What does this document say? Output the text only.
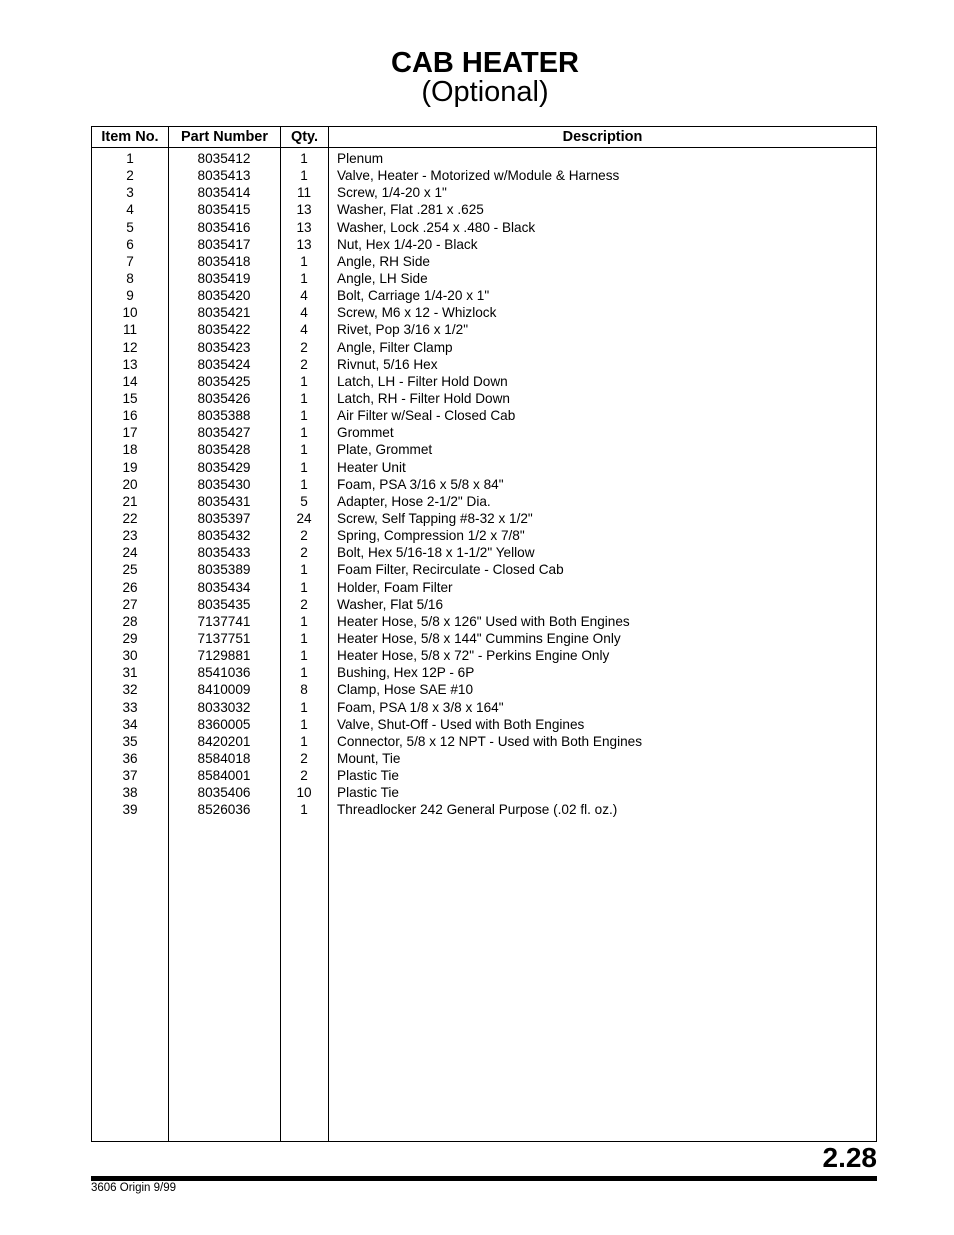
CAB HEATER
(Optional)
Item No.	Part Number	Qty.	Description
1	8035412	1	Plenum
2	8035413	1	Valve, Heater - Motorized w/Module & Harness
3	8035414	11	Screw, 1/4-20 x 1"
4	8035415	13	Washer, Flat .281 x .625
5	8035416	13	Washer, Lock .254 x .480 - Black
6	8035417	13	Nut, Hex 1/4-20 - Black
7	8035418	1	Angle, RH Side
8	8035419	1	Angle, LH Side
9	8035420	4	Bolt, Carriage 1/4-20 x 1"
10	8035421	4	Screw, M6 x 12 - Whizlock
11	8035422	4	Rivet, Pop 3/16 x 1/2"
12	8035423	2	Angle, Filter Clamp
13	8035424	2	Rivnut, 5/16 Hex
14	8035425	1	Latch, LH - Filter Hold Down
15	8035426	1	Latch, RH - Filter Hold Down
16	8035388	1	Air Filter w/Seal - Closed Cab
17	8035427	1	Grommet
18	8035428	1	Plate, Grommet
19	8035429	1	Heater Unit
20	8035430	1	Foam, PSA 3/16 x 5/8 x 84"
21	8035431	5	Adapter, Hose 2-1/2" Dia.
22	8035397	24	Screw, Self Tapping #8-32 x 1/2"
23	8035432	2	Spring, Compression 1/2 x 7/8"
24	8035433	2	Bolt, Hex 5/16-18 x 1-1/2" Yellow
25	8035389	1	Foam Filter, Recirculate - Closed Cab
26	8035434	1	Holder, Foam Filter
27	8035435	2	Washer, Flat 5/16
28	7137741	1	Heater Hose, 5/8 x 126" Used with Both Engines
29	7137751	1	Heater Hose, 5/8 x 144" Cummins Engine Only
30	7129881	1	Heater Hose, 5/8 x 72" - Perkins Engine Only
31	8541036	1	Bushing, Hex 12P - 6P
32	8410009	8	Clamp, Hose SAE #10
33	8033032	1	Foam, PSA 1/8 x 3/8 x 164"
34	8360005	1	Valve, Shut-Off - Used with Both Engines
35	8420201	1	Connector, 5/8 x 12 NPT - Used with Both Engines
36	8584018	2	Mount, Tie
37	8584001	2	Plastic Tie
38	8035406	10	Plastic Tie
39	8526036	1	Threadlocker 242 General Purpose (.02 fl. oz.)
2.28
3606 Origin 9/99
